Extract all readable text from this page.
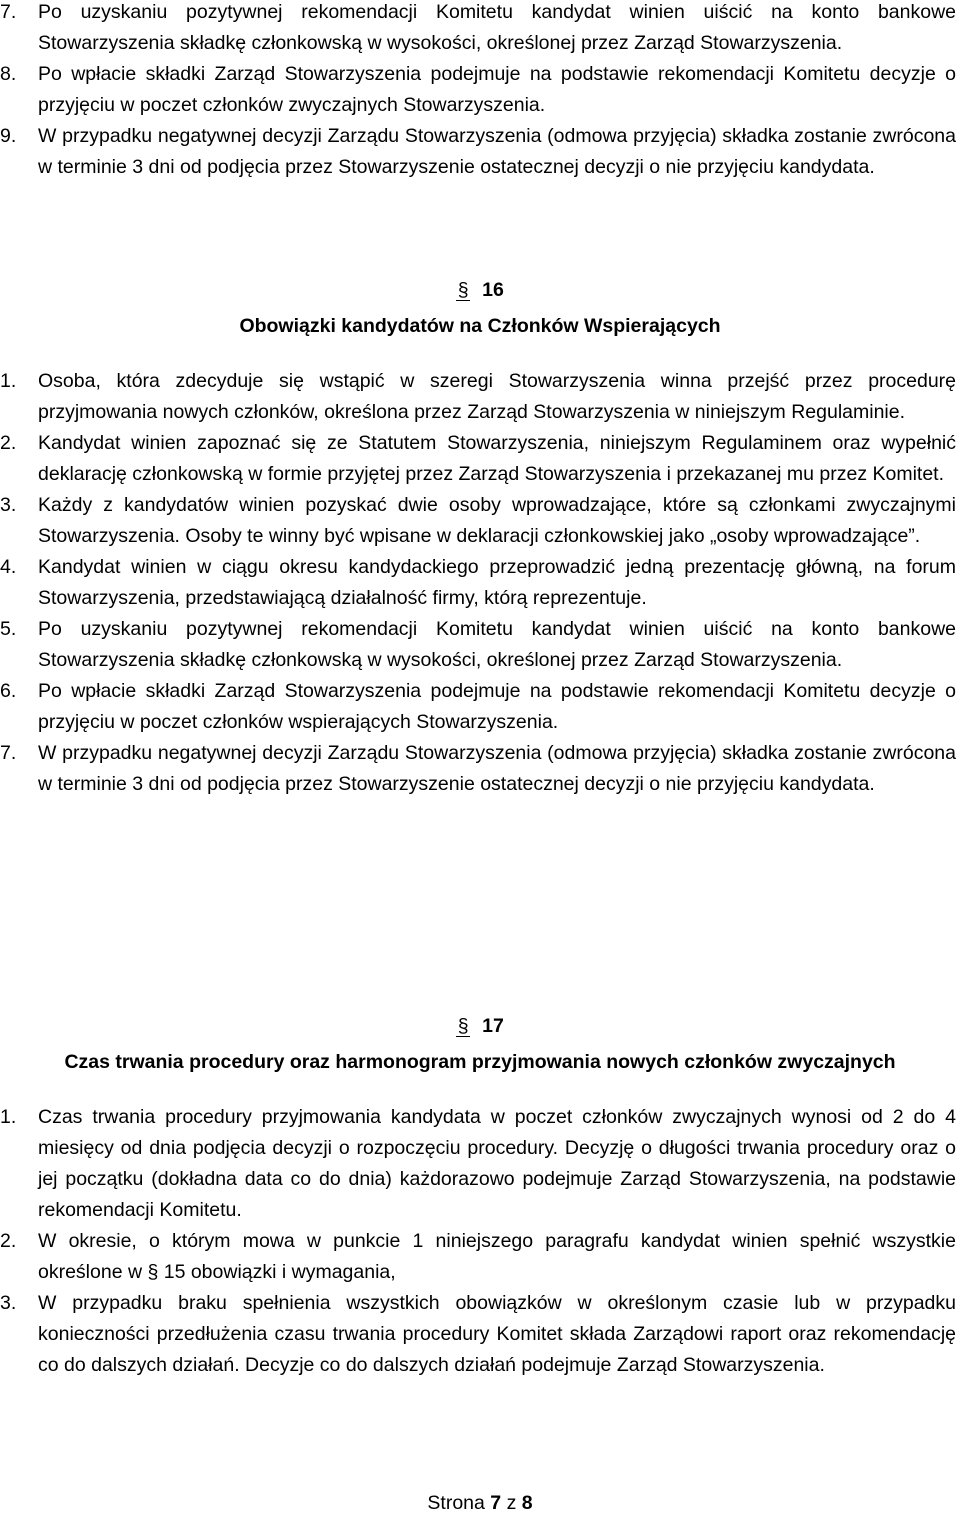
7. Po uzyskaniu pozytywnej rekomendacji Komitetu kandydat winien uiścić na konto bankowe Stowarzyszenia składkę członkowską w wysokości, określonej przez Zarząd Stowarzyszenia.
8. Po wpłacie składki Zarząd Stowarzyszenia podejmuje na podstawie rekomendacji Komitetu decyzje o przyjęciu w poczet członków zwyczajnych Stowarzyszenia.
9. W przypadku negatywnej decyzji Zarządu Stowarzyszenia (odmowa przyjęcia) składka zostanie zwrócona w terminie 3 dni od podjęcia przez Stowarzyszenie ostatecznej decyzji o nie przyjęciu kandydata.
§ 16
Obowiązki kandydatów na Członków Wspierających
1. Osoba, która zdecyduje się wstąpić w szeregi Stowarzyszenia winna przejść przez procedurę przyjmowania nowych członków, określona przez Zarząd Stowarzyszenia w niniejszym Regulaminie.
2. Kandydat winien zapoznać się ze Statutem Stowarzyszenia, niniejszym Regulaminem oraz wypełnić deklarację członkowską w formie przyjętej przez Zarząd Stowarzyszenia i przekazanej mu przez Komitet.
3. Każdy z kandydatów winien pozyskać dwie osoby wprowadzające, które są członkami zwyczajnymi Stowarzyszenia. Osoby te winny być wpisane w deklaracji członkowskiej jako „osoby wprowadzające”.
4. Kandydat winien w ciągu okresu kandydackiego przeprowadzić jedną prezentację główną, na forum Stowarzyszenia, przedstawiającą działalność firmy, którą reprezentuje.
5. Po uzyskaniu pozytywnej rekomendacji Komitetu kandydat winien uiścić na konto bankowe Stowarzyszenia składkę członkowską w wysokości, określonej przez Zarząd Stowarzyszenia.
6. Po wpłacie składki Zarząd Stowarzyszenia podejmuje na podstawie rekomendacji Komitetu decyzje o przyjęciu w poczet członków wspierających Stowarzyszenia.
7. W przypadku negatywnej decyzji Zarządu Stowarzyszenia (odmowa przyjęcia) składka zostanie zwrócona w terminie 3 dni od podjęcia przez Stowarzyszenie ostatecznej decyzji o nie przyjęciu kandydata.
§ 17
Czas trwania procedury oraz harmonogram przyjmowania nowych członków zwyczajnych
1. Czas trwania procedury przyjmowania kandydata w poczet członków zwyczajnych wynosi od 2 do 4 miesięcy od dnia podjęcia decyzji o rozpoczęciu procedury. Decyzję o długości trwania procedury oraz o jej początku (dokładna data co do dnia) każdorazowo podejmuje Zarząd Stowarzyszenia, na podstawie rekomendacji Komitetu.
2. W okresie, o którym mowa w punkcie 1 niniejszego paragrafu kandydat winien spełnić wszystkie określone w § 15 obowiązki i wymagania,
3. W przypadku braku spełnienia wszystkich obowiązków w określonym czasie lub w przypadku konieczności przedłużenia czasu trwania procedury Komitet składa Zarządowi raport oraz rekomendację co do dalszych działań. Decyzje co do dalszych działań podejmuje Zarząd Stowarzyszenia.
Strona 7 z 8
